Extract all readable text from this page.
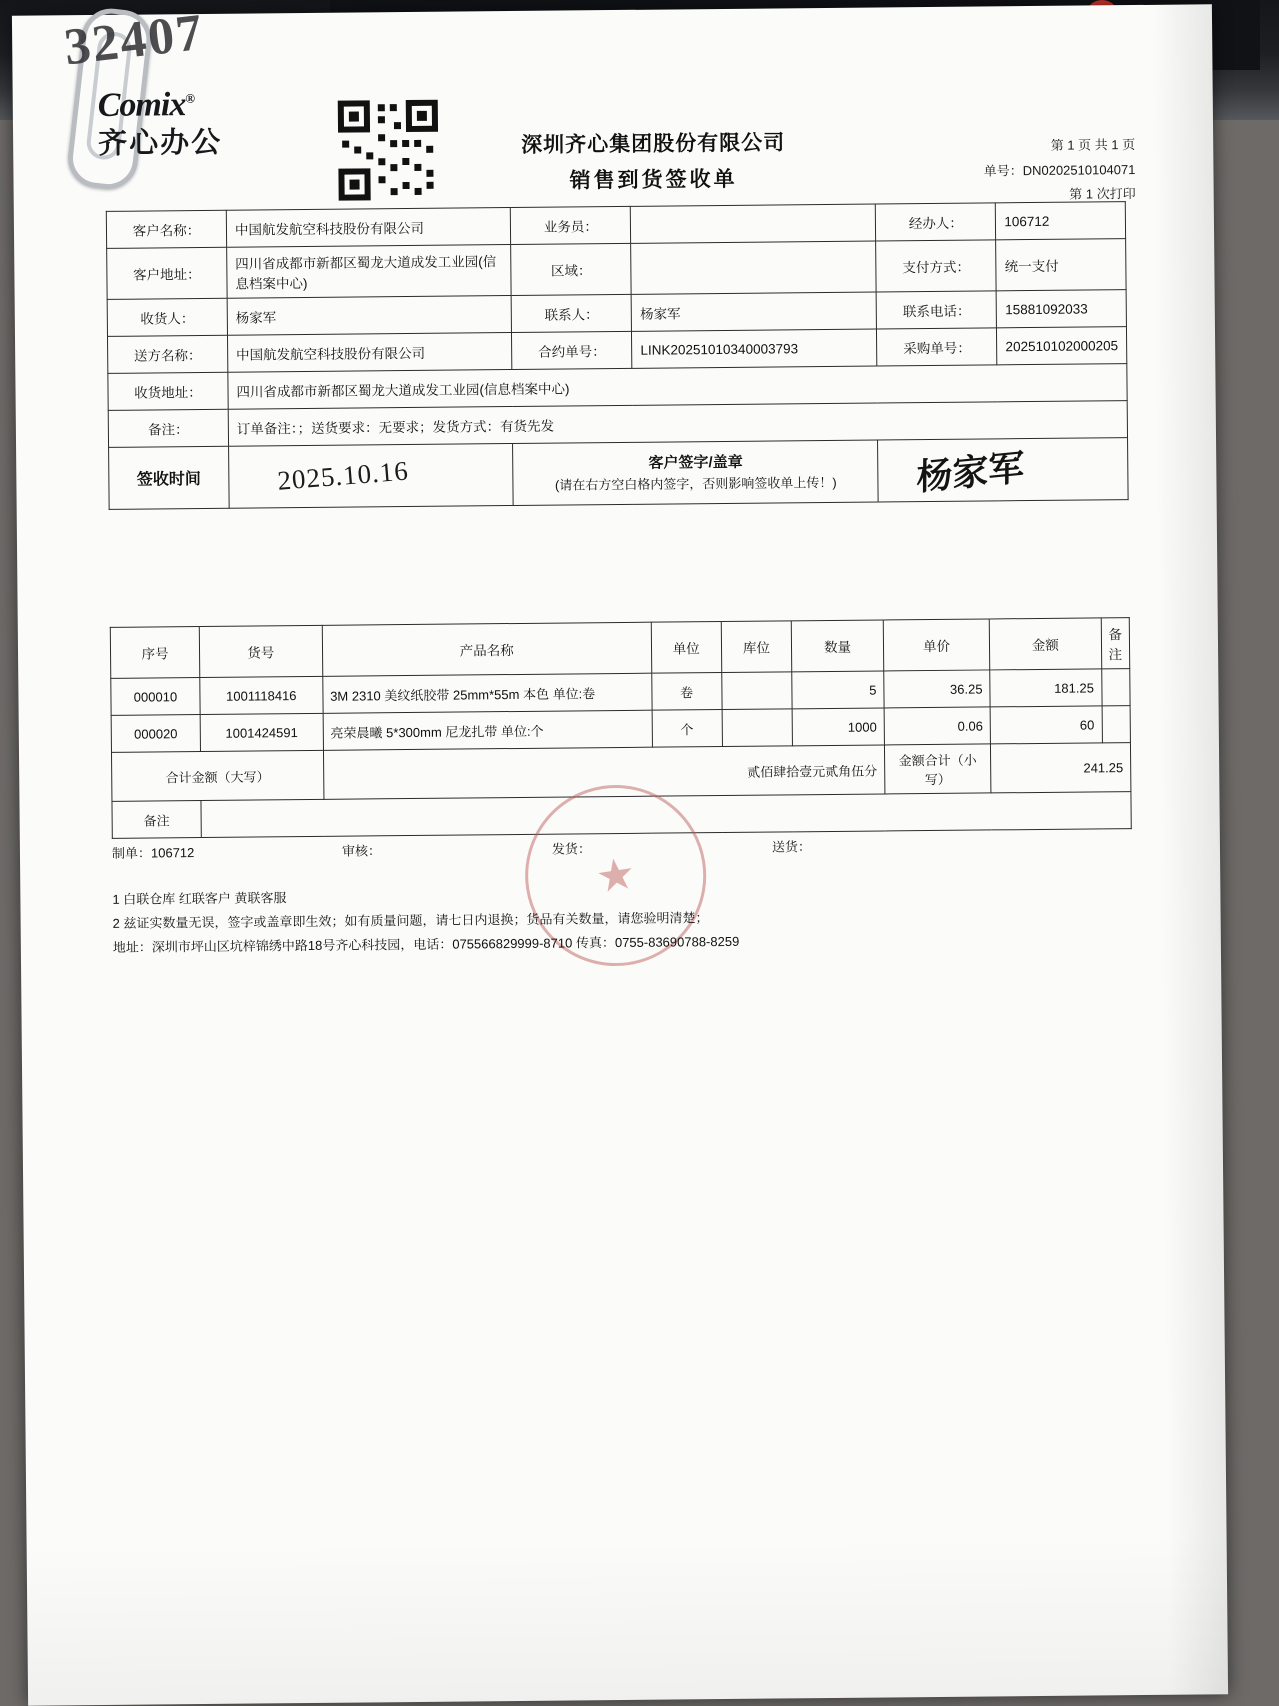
32407
Comix®
齐心办公	深圳齐心集团股份有限公司
销售到货签收单
第 1 页 共 1 页
单号：DN0202510104071
第 1 次打印
客户名称：	中国航发航空科技股份有限公司	业务员：		经办人：	106712
客户地址：	四川省成都市新都区蜀龙大道成发工业园(信息档案中心)	区域：		支付方式：	统一支付
收货人：	杨家军	联系人：	杨家军	联系电话：	15881092033
送方名称：	中国航发航空科技股份有限公司	合约单号：	LINK20251010340003793	采购单号：	202510102000205
收货地址：	四川省成都市新都区蜀龙大道成发工业园(信息档案中心)				
备注：	订单备注：；送货要求：无要求；发货方式：有货先发				
签收时间	2025.10.16	客户签字/盖章
(请在右方空白格内签字，否则影响签收单上传！)		杨家军	
序号	货号	产品名称	单位	库位	数量	单价	金额	备注
000010	1001118416	3M 2310 美纹纸胶带 25mm*55m 本色 单位:卷	卷		5	36.25	181.25	
000020	1001424591	亮荣晨曦 5*300mm 尼龙扎带 单位:个	个		1000	0.06	60	
合计金额（大写）		贰佰肆拾壹元贰角伍分				金额合计（小写）	241.25	
备注								
★
制单：106712	审核：	发货：	送货：
1 白联仓库 红联客户 黄联客服
2 兹证实数量无误，签字或盖章即生效；如有质量问题，请七日内退换；货品有关数量，请您验明清楚；
地址：深圳市坪山区坑梓锦绣中路18号齐心科技园，电话：075566829999-8710 传真：0755-83690788-8259
